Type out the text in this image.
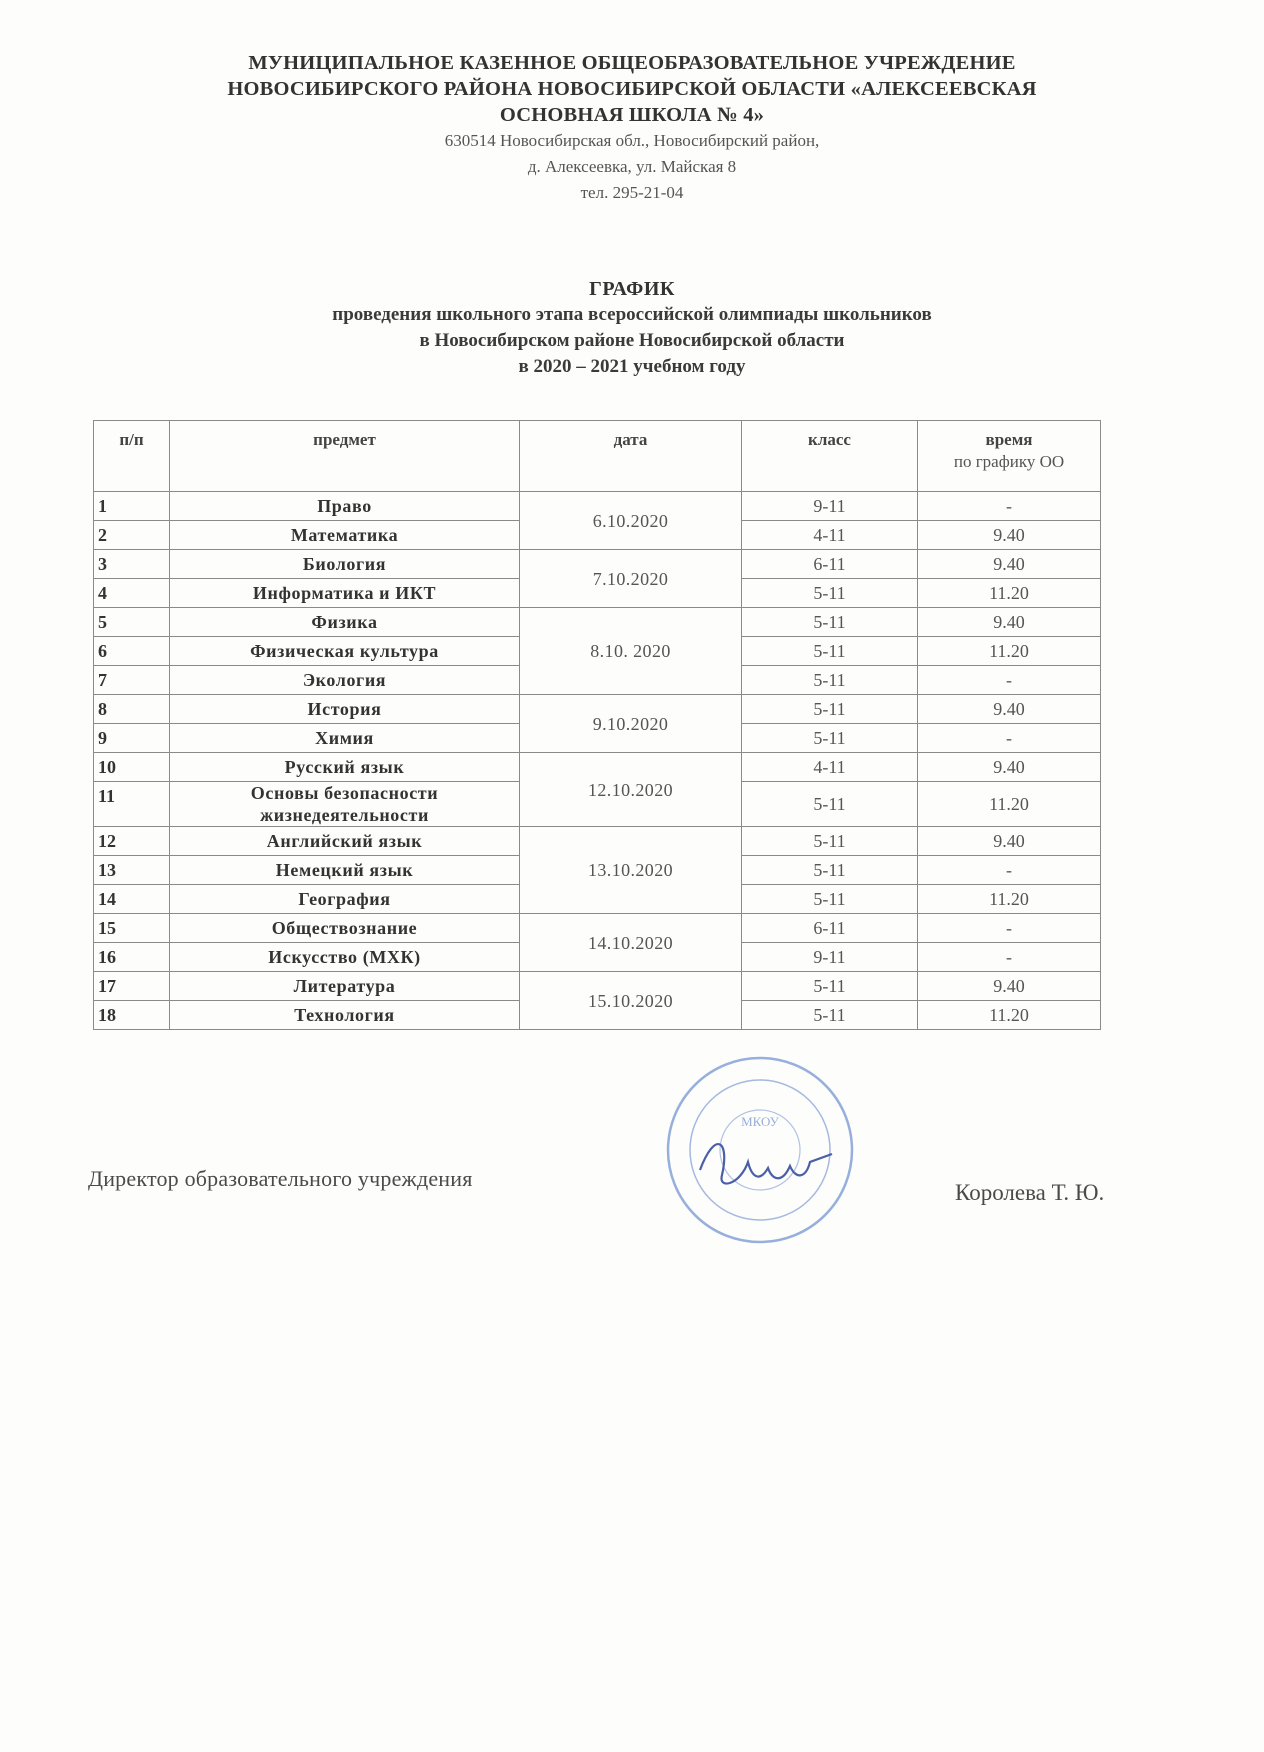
МУНИЦИПАЛЬНОЕ КАЗЕННОЕ ОБЩЕОБРАЗОВАТЕЛЬНОЕ УЧРЕЖДЕНИЕ
НОВОСИБИРСКОГО РАЙОНА НОВОСИБИРСКОЙ ОБЛАСТИ «АЛЕКСЕЕВСКАЯ
ОСНОВНАЯ ШКОЛА № 4»
630514 Новосибирская обл., Новосибирский район,
д. Алексеевка, ул. Майская 8
тел. 295-21-04
ГРАФИК
проведения школьного этапа всероссийской олимпиады школьников
в Новосибирском районе Новосибирской области
в 2020 – 2021 учебном году
п/п	предмет	дата	класс	время
по графику ОО
1	Право	6.10.2020	9-11	-
2	Математика		4-11	9.40
3	Биология	7.10.2020	6-11	9.40
4	Информатика и ИКТ		5-11	11.20
5	Физика	8.10. 2020	5-11	9.40
6	Физическая культура		5-11	11.20
7	Экология		5-11	-
8	История	9.10.2020	5-11	9.40
9	Химия		5-11	-
10	Русский язык	12.10.2020	4-11	9.40
11	Основы безопасности жизнедеятельности		5-11	11.20
12	Английский язык	13.10.2020	5-11	9.40
13	Немецкий язык		5-11	-
14	География		5-11	11.20
15	Обществознание	14.10.2020	6-11	-
16	Искусство (МХК)		9-11	-
17	Литература	15.10.2020	5-11	9.40
18	Технология		5-11	11.20
Директор образовательного учреждения
МКОУ
Королева Т. Ю.
